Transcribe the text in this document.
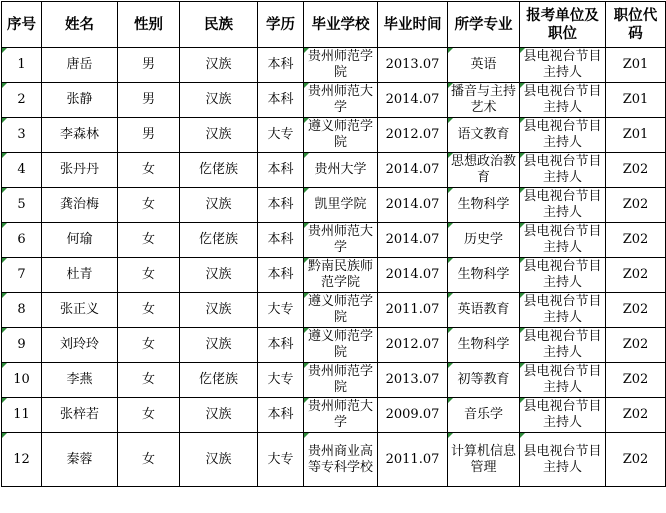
序号	姓名	性别	民族	学历	毕业学校	毕业时间	所学专业	报考单位及职位	职位代码
1	唐岳	男	汉族	本科	贵州师范学院	2013.07	英语	县电视台节目主持人	Z01
2	张静	男	汉族	本科	贵州师范大学	2014.07	播音与主持艺术	县电视台节目主持人	Z01
3	李森林	男	汉族	大专	遵义师范学院	2012.07	语文教育	县电视台节目主持人	Z01
4	张丹丹	女	仡佬族	本科	贵州大学	2014.07	思想政治教育	县电视台节目主持人	Z02
5	龚治梅	女	汉族	本科	凯里学院	2014.07	生物科学	县电视台节目主持人	Z02
6	何瑜	女	仡佬族	本科	贵州师范大学	2014.07	历史学	县电视台节目主持人	Z02
7	杜青	女	汉族	本科	黔南民族师范学院	2014.07	生物科学	县电视台节目主持人	Z02
8	张正义	女	汉族	大专	遵义师范学院	2011.07	英语教育	县电视台节目主持人	Z02
9	刘玲玲	女	汉族	本科	遵义师范学院	2012.07	生物科学	县电视台节目主持人	Z02
10	李燕	女	仡佬族	大专	贵州师范学院	2013.07	初等教育	县电视台节目主持人	Z02
11	张梓若	女	汉族	本科	贵州师范大学	2009.07	音乐学	县电视台节目主持人	Z02
12	秦蓉	女	汉族	大专	贵州商业高等专科学校	2011.07	计算机信息管理	县电视台节目主持人	Z02
